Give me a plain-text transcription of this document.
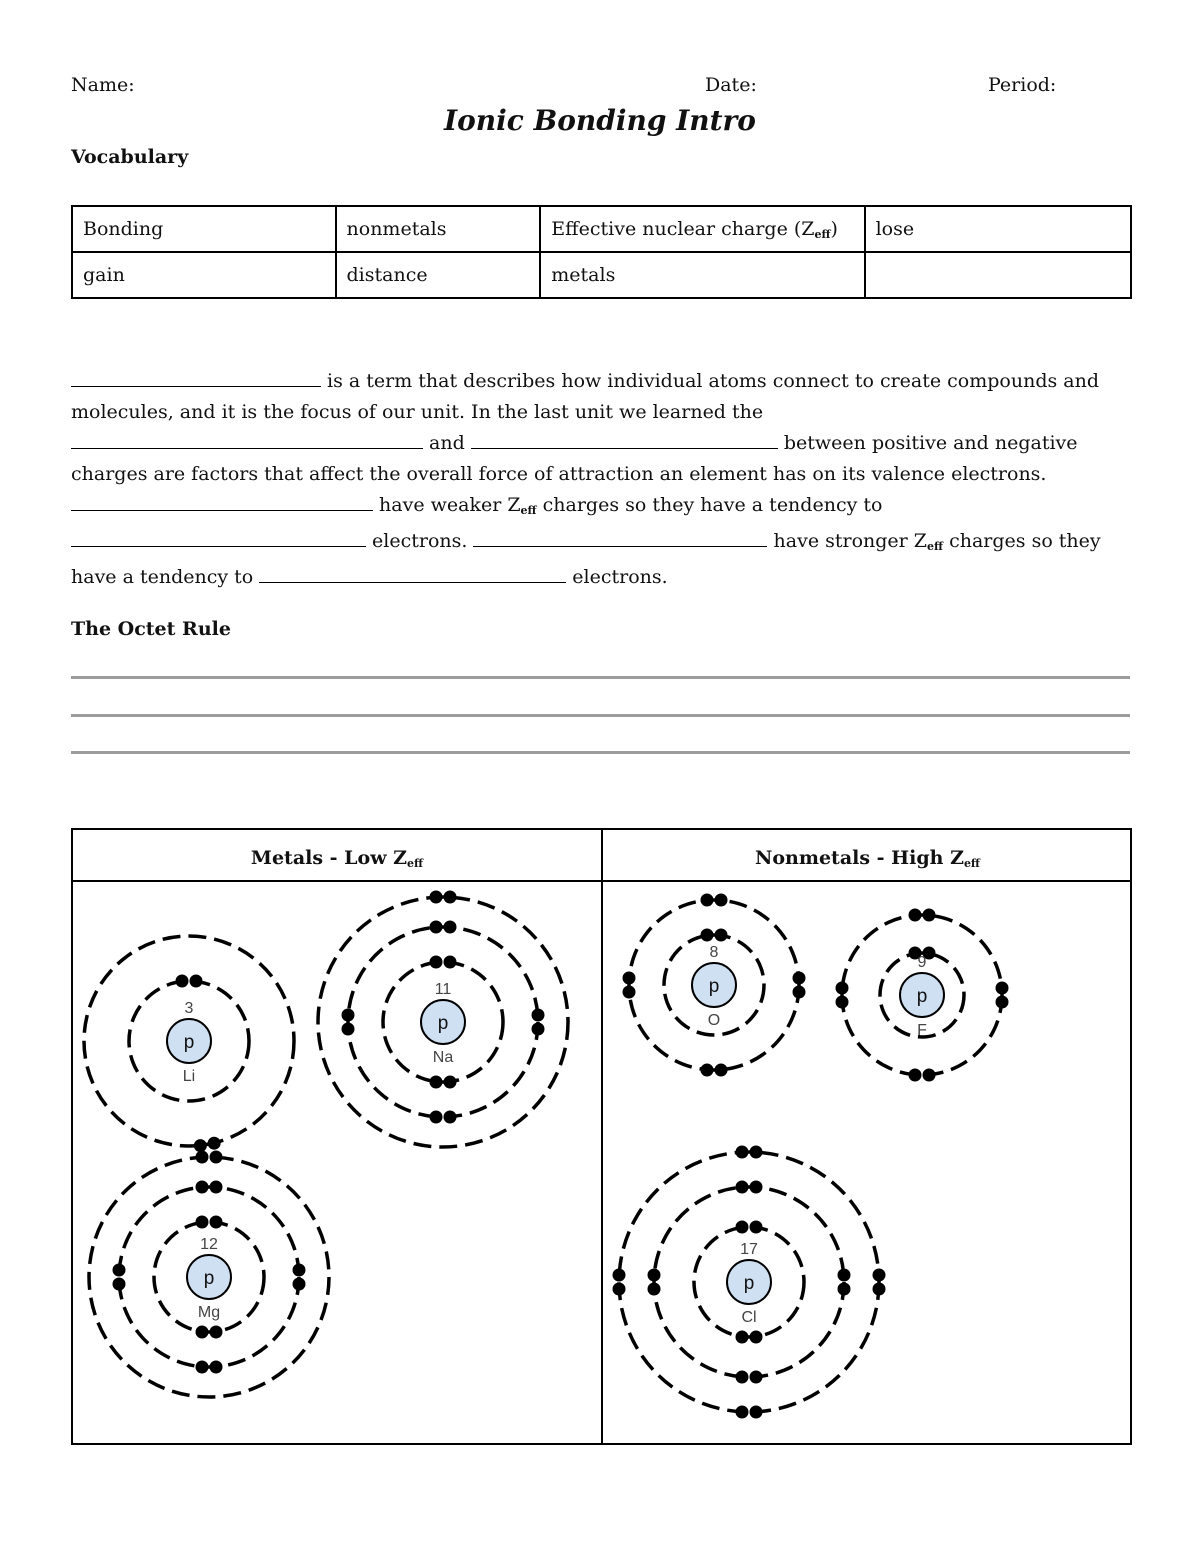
Name:	Date:	Period:
Ionic Bonding Intro
Vocabulary
Bonding	nonmetals	Effective nuclear charge $(Z_{eff})$	lose
gain	distance	metals	
is a term that describes how individual atoms connect to create compounds and molecules, and it is the focus of our unit. In the last unit we learned the  and	between positive and negative charges are factors that affect the overall force of attraction an element has on its valence electrons.  have weaker $Z_{eff}$ charges so they have a tendency to  electrons.	have stronger $Z_{eff}$ charges so they have a tendency to	electrons.
The Octet Rule
Metals - Low $Z_{eff}$	Nonmetals - High $Z_{eff}$
p
3
Li
p
11
Na
p
12
Mg
p
8
O
p
9
F
p
17
Cl
